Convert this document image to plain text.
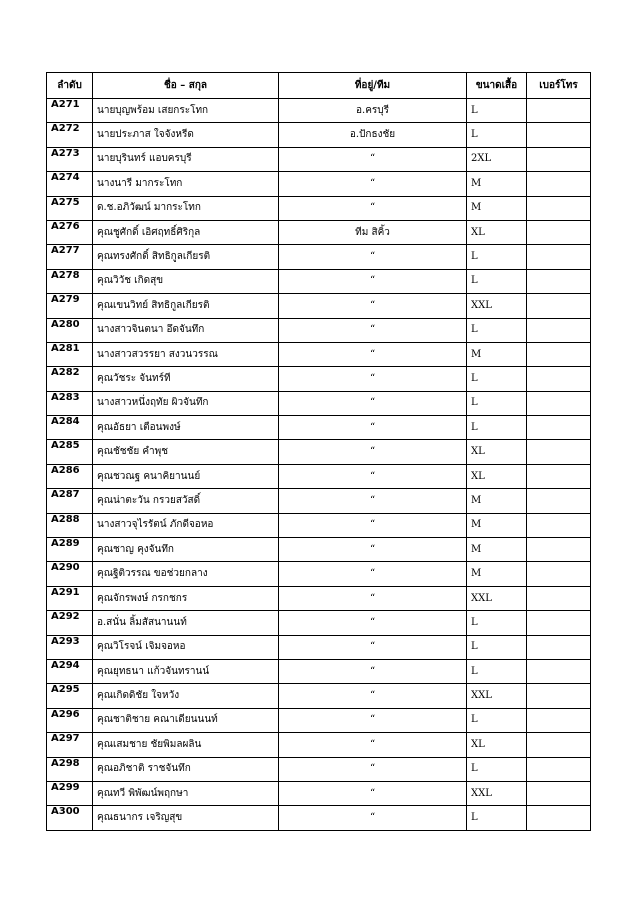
ลำดับ	ชื่อ – สกุล	ที่อยู่/ทีม	ขนาดเสื้อ	เบอร์โทร
A271	นายบุญพร้อม เสยกระโทก	อ.ครบุรี	L	
A272	นายประภาส ใจจังหรีด	อ.ปักธงชัย	L	
A273	นายบุรินทร์ แอบครบุรี	“	2XL	
A274	นางนารี มากระโทก	“	M	
A275	ด.ช.อภิวัฒน์ มากระโทก	“	M	
A276	คุณชูศักดิ์ เอิศฤทธิ์ศิริกุล	ทีม สิคิ้ว	XL	
A277	คุณทรงศักดิ์ สิทธิกูลเกียรติ	“	L	
A278	คุณวิวัช เกิดสุข	“	L	
A279	คุณเขนวิทย์ สิทธิกูลเกียรติ	“	XXL	
A280	นางสาวจินตนา อึดจันทึก	“	L	
A281	นางสาวสวรรยา สงวนวรรณ	“	M	
A282	คุณวัชระ จันทร์ที	“	L	
A283	นางสาวหนึ่งฤทัย ผิวจันทึก	“	L	
A284	คุณอัธยา เตือนพงษ์	“	L	
A285	คุณชัชชัย คำพุช	“	XL	
A286	คุณชวณฐ คนาคิยานนย์	“	XL	
A287	คุณน่าตะวัน กรวยสวัสดิ์	“	M	
A288	นางสาวจุไรรัตน์ ภักดีจอหอ	“	M	
A289	คุณชาญ คุงจันทึก	“	M	
A290	คุณฐิติวรรณ ขอช่วยกลาง	“	M	
A291	คุณจักรพงษ์ กรกชกร	“	XXL	
A292	อ.สนั่น ลิ้มสัสนานนท์	“	L	
A293	คุณวิโรจน์ เจิมจอหอ	“	L	
A294	คุณยุทธนา แก้วจันทรานน์	“	L	
A295	คุณเกิดดิชัย ใจหวัง	“	XXL	
A296	คุณชาติชาย คณาเดียนนนท์	“	L	
A297	คุณเสมชาย ชัยพิมลผลิน	“	XL	
A298	คุณอภิชาติ ราชจันทึก	“	L	
A299	คุณทวี พิพัฒน์พฤกษา	“	XXL	
A300	คุณธนากร เจริญสุข	“	L	
